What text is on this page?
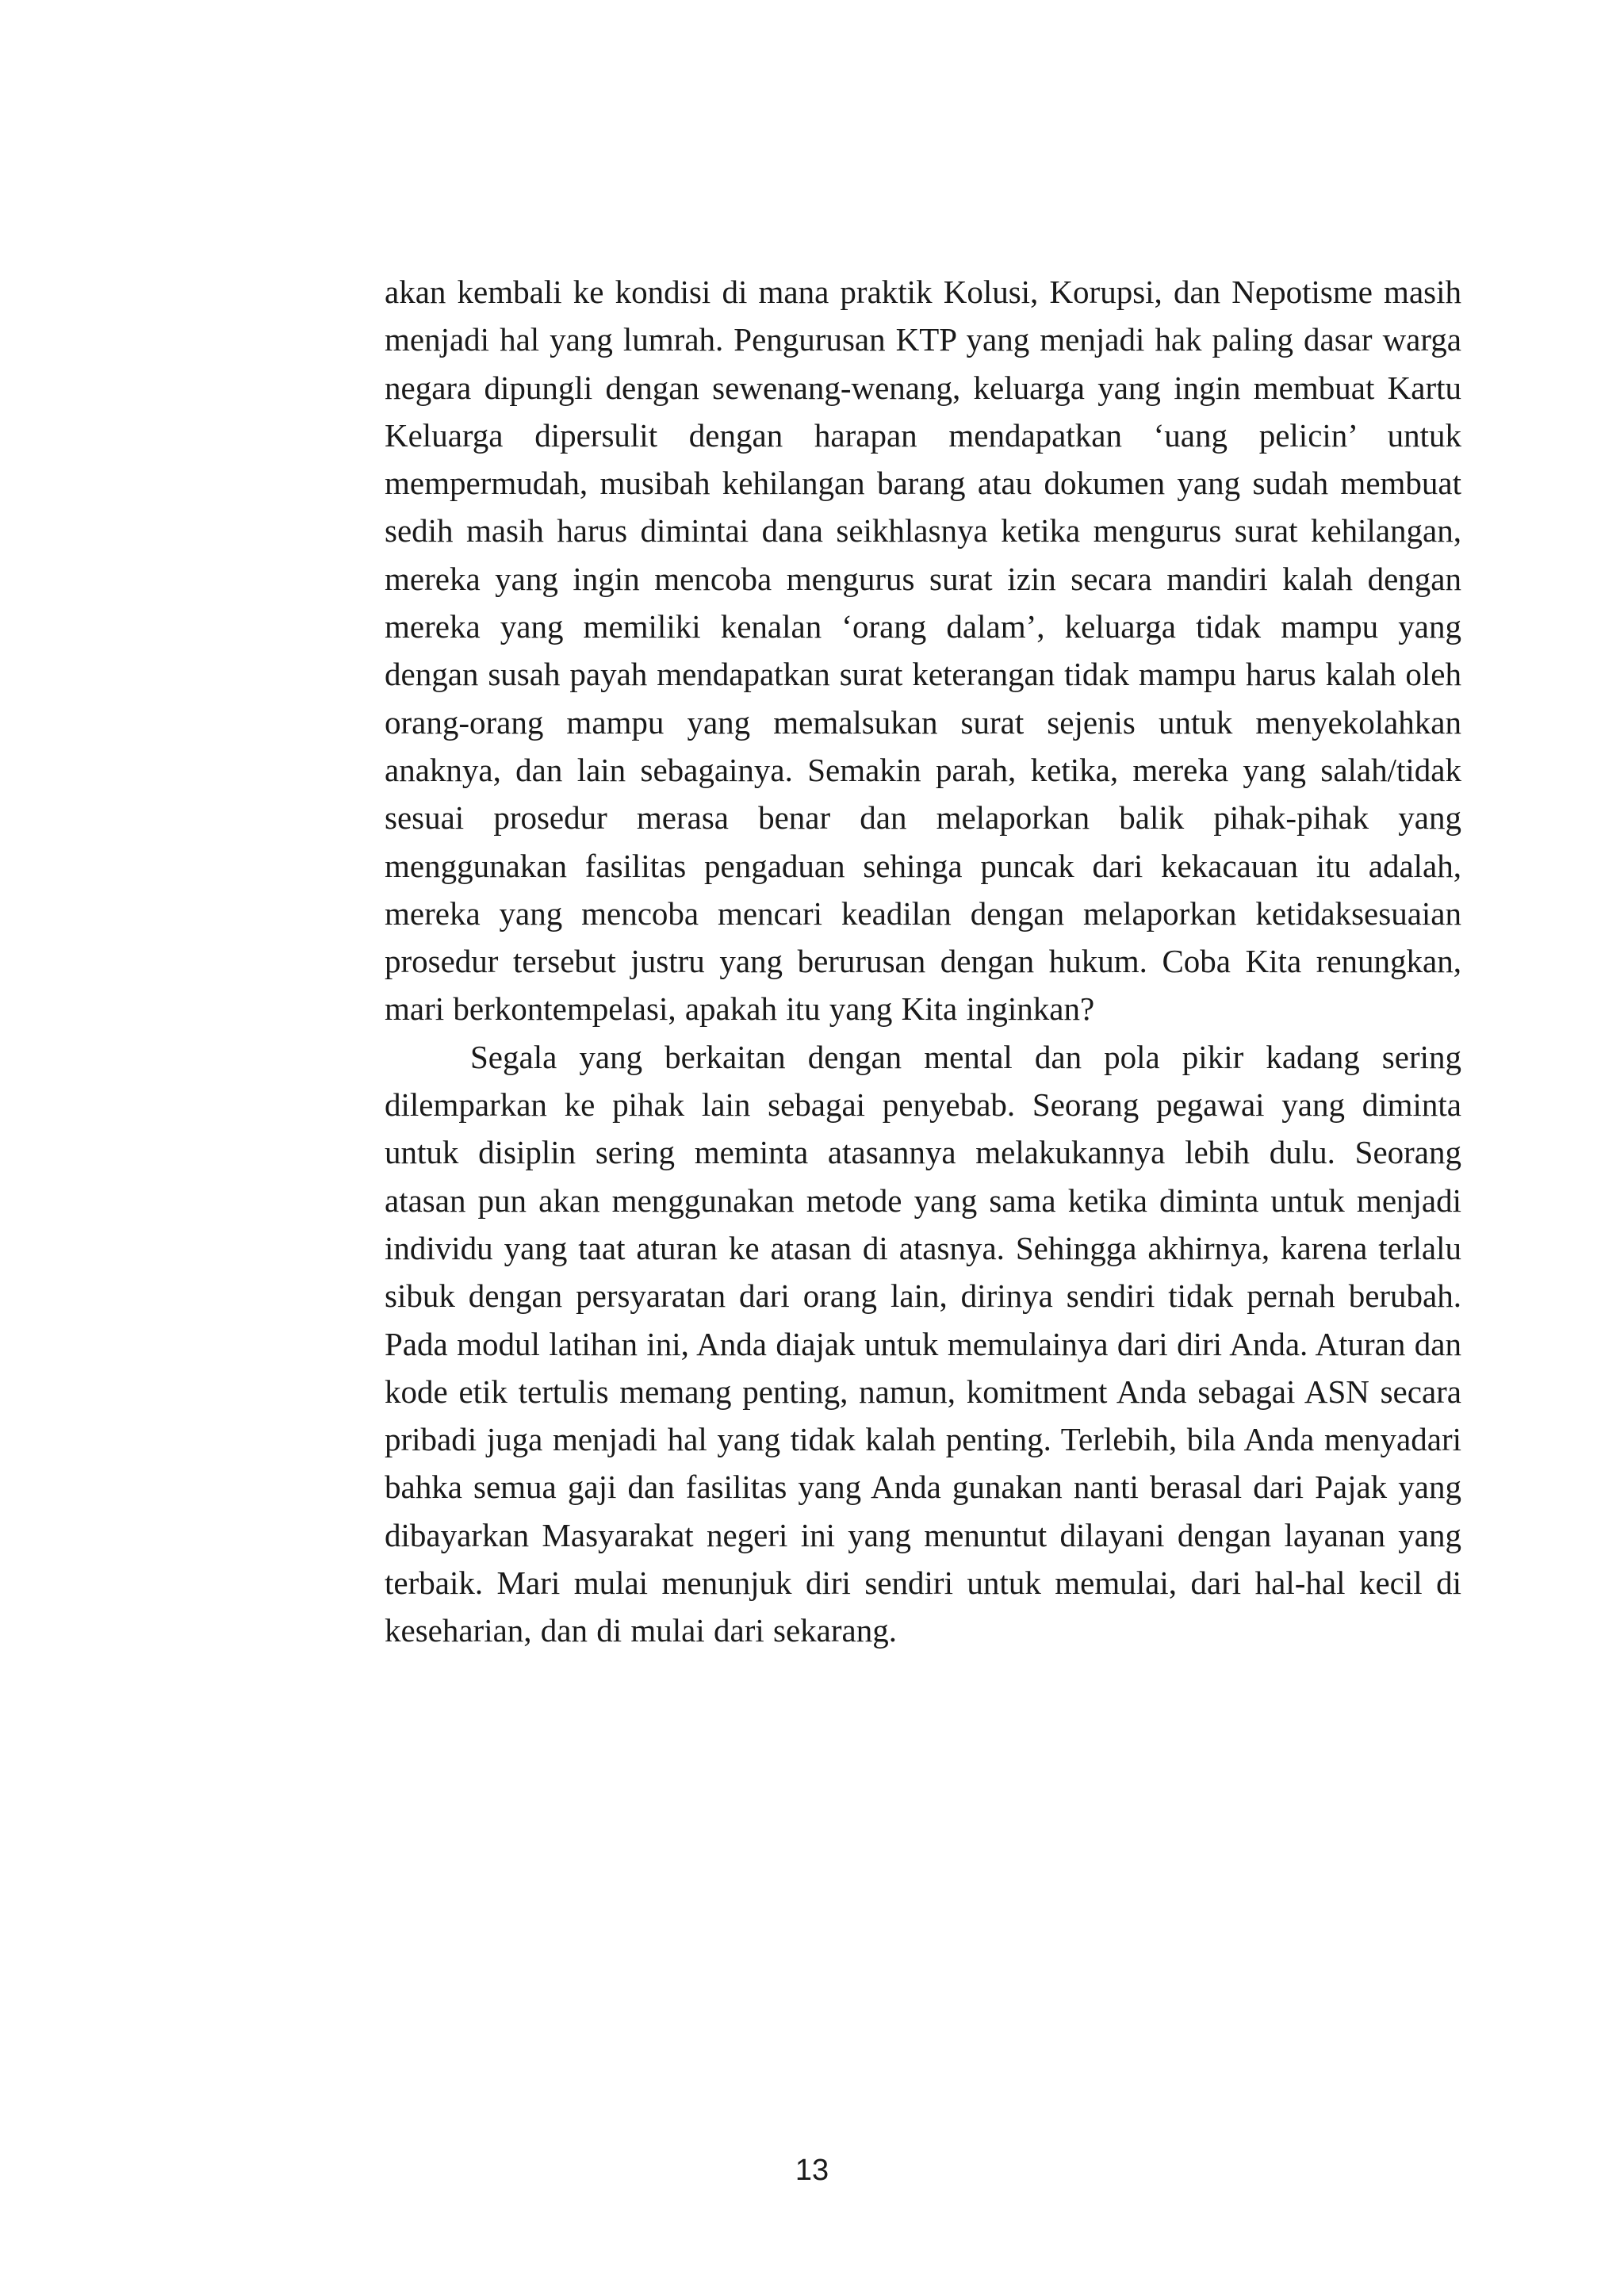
akan kembali ke kondisi di mana praktik Kolusi, Korupsi, dan Nepotisme masih menjadi hal yang lumrah. Pengurusan KTP yang menjadi hak paling dasar warga negara dipungli dengan sewenang-wenang, keluarga yang ingin membuat Kartu Keluarga dipersulit dengan harapan mendapatkan ‘uang pelicin’ untuk mempermudah, musibah kehilangan barang atau dokumen yang sudah membuat sedih masih harus dimintai dana seikhlasnya ketika mengurus surat kehilangan, mereka yang ingin mencoba mengurus surat izin secara mandiri kalah dengan mereka yang memiliki kenalan ‘orang dalam’, keluarga tidak mampu yang dengan susah payah mendapatkan surat keterangan tidak mampu harus kalah oleh orang-orang mampu yang memalsukan surat sejenis untuk menyekolahkan anaknya, dan lain sebagainya. Semakin parah, ketika, mereka yang salah/tidak sesuai prosedur merasa benar dan melaporkan balik pihak-pihak yang menggunakan fasilitas pengaduan sehinga puncak dari kekacauan itu adalah, mereka yang mencoba mencari keadilan dengan melaporkan ketidaksesuaian prosedur tersebut justru yang berurusan dengan hukum. Coba Kita renungkan, mari berkontempelasi, apakah itu yang Kita inginkan?

Segala yang berkaitan dengan mental dan pola pikir kadang sering dilemparkan ke pihak lain sebagai penyebab. Seorang pegawai yang diminta untuk disiplin sering meminta atasannya melakukannya lebih dulu. Seorang atasan pun akan menggunakan metode yang sama ketika diminta untuk menjadi individu yang taat aturan ke atasan di atasnya. Sehingga akhirnya, karena terlalu sibuk dengan persyaratan dari orang lain, dirinya sendiri tidak pernah berubah. Pada modul latihan ini, Anda diajak untuk memulainya dari diri Anda. Aturan dan kode etik tertulis memang penting, namun, komitment Anda sebagai ASN secara pribadi juga menjadi hal yang tidak kalah penting. Terlebih, bila Anda menyadari bahka semua gaji dan fasilitas yang Anda gunakan nanti berasal dari Pajak yang dibayarkan Masyarakat negeri ini yang menuntut dilayani dengan layanan yang terbaik. Mari mulai menunjuk diri sendiri untuk memulai, dari hal-hal kecil di keseharian, dan di mulai dari sekarang.

13
